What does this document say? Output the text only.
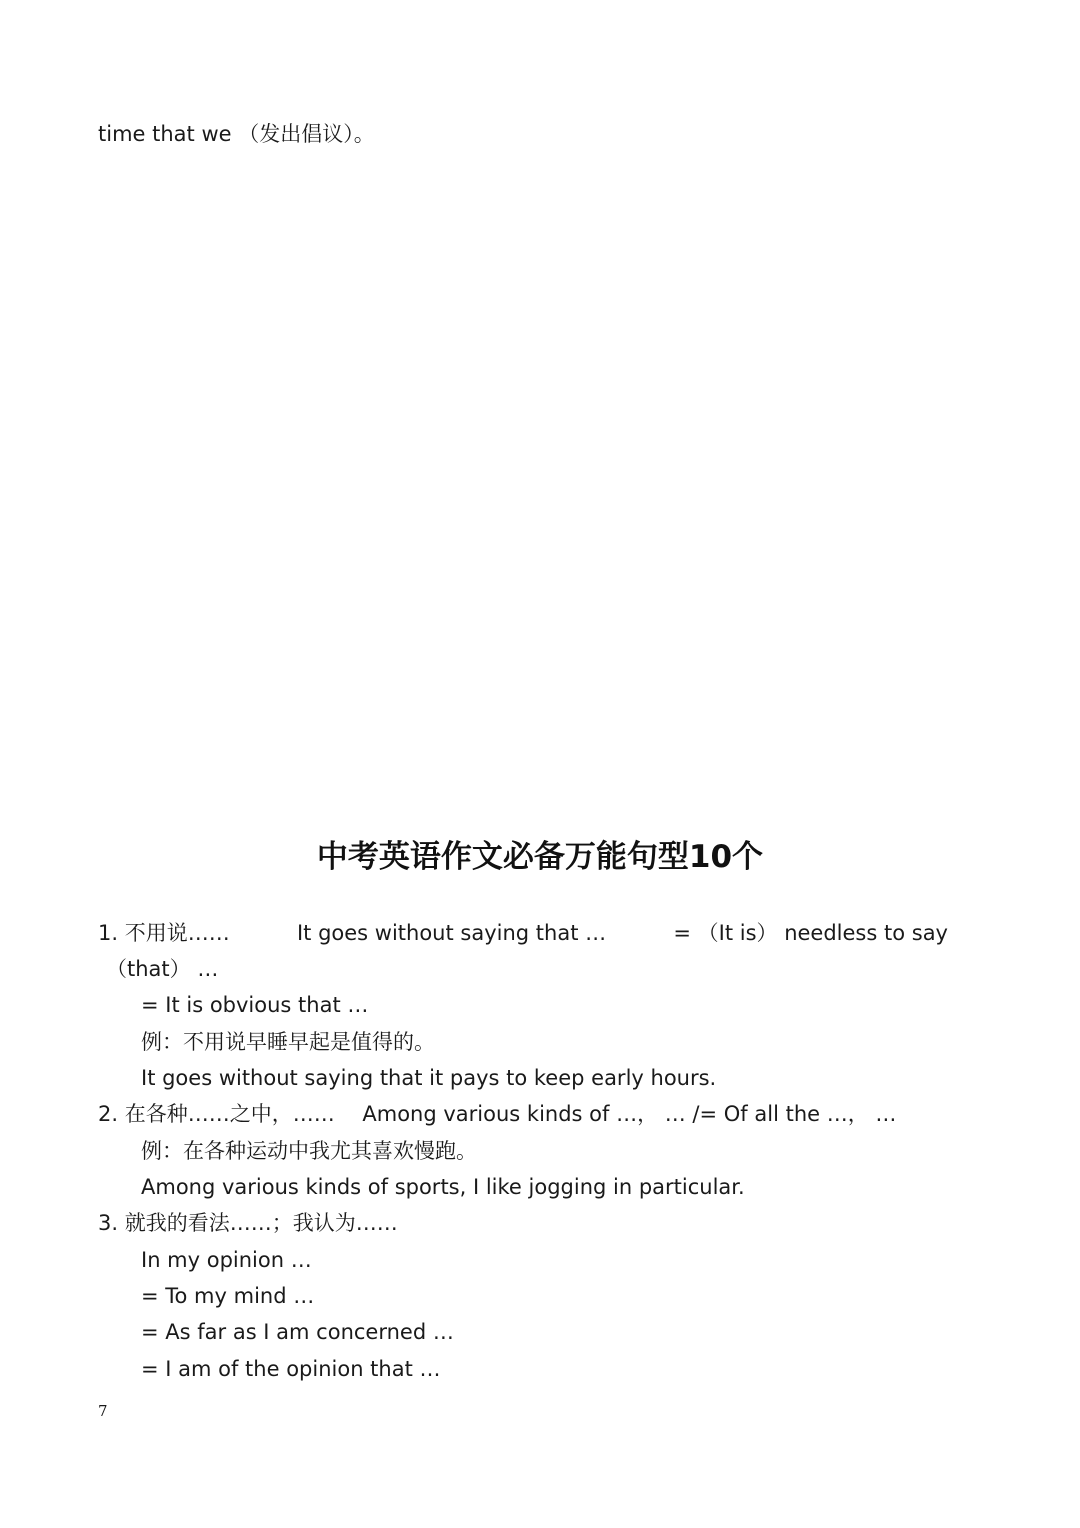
time that we （发出倡议）。
中考英语作文必备万能句型10个
1. 不用说……	It goes without saying that …	= （It is） needless to say
（that） …
= It is obvious that …
例：不用说早睡早起是值得的。
It goes without saying that it pays to keep early hours.
2. 在各种……之中，……　 Among various kinds of …， … /= Of all the …， …
例：在各种运动中我尤其喜欢慢跑。
Among various kinds of sports, I like jogging in particular.
3. 就我的看法……；我认为……
In my opinion …
= To my mind …
= As far as I am concerned …
= I am of the opinion that …
7
